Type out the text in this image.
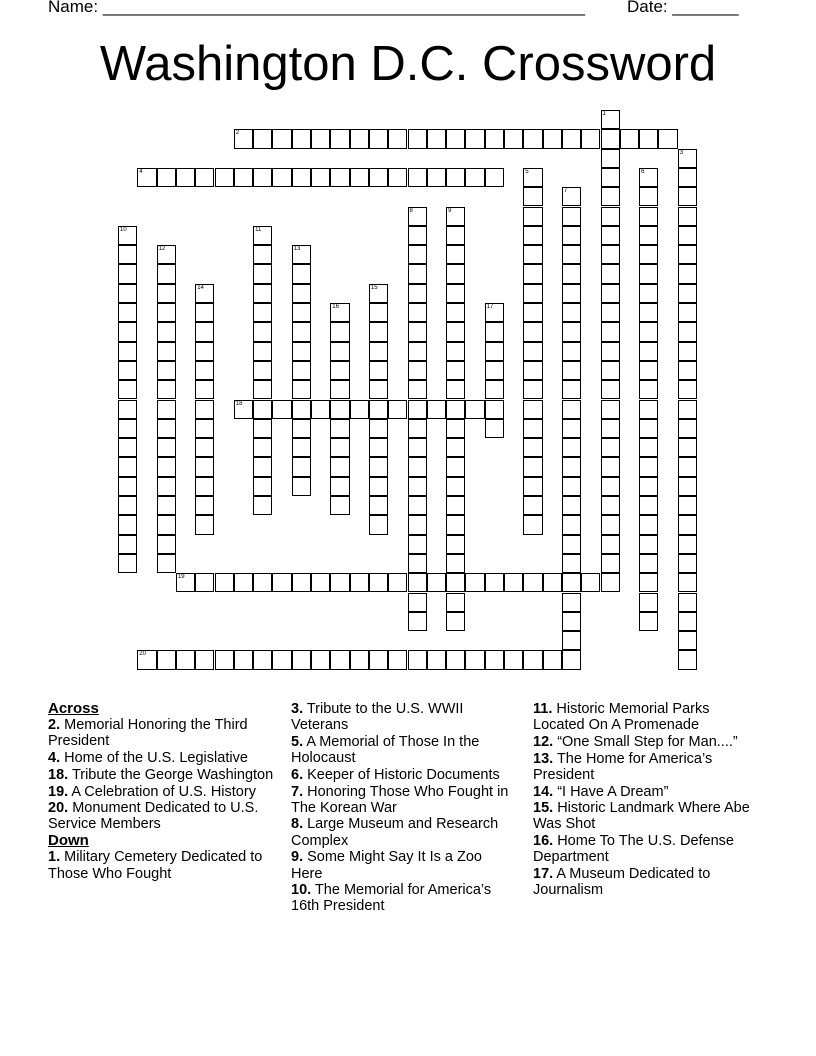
Name: ___________________________________________________ Date: _______
Washington D.C. Crossword
1
2
3
4	5	6
7
8	9
10	11
12	13
14	15
16	17
18
19
20
Across
2. Memorial Honoring the Third President
4. Home of the U.S. Legislative
18. Tribute the George Washington
19. A Celebration of U.S. History
20. Monument Dedicated to U.S. Service Members
Down
1. Military Cemetery Dedicated to Those Who Fought
3. Tribute to the U.S. WWII Veterans
5. A Memorial of Those In the Holocaust
6. Keeper of Historic Documents
7. Honoring Those Who Fought in The Korean War
8. Large Museum and Research Complex
9. Some Might Say It Is a Zoo Here
10. The Memorial for America’s 16th President
11. Historic Memorial Parks Located On A Promenade
12. “One Small Step for Man....”
13. The Home for America’s President
14. “I Have A Dream”
15. Historic Landmark Where Abe Was Shot
16. Home To The U.S. Defense Department
17. A Museum Dedicated to Journalism
